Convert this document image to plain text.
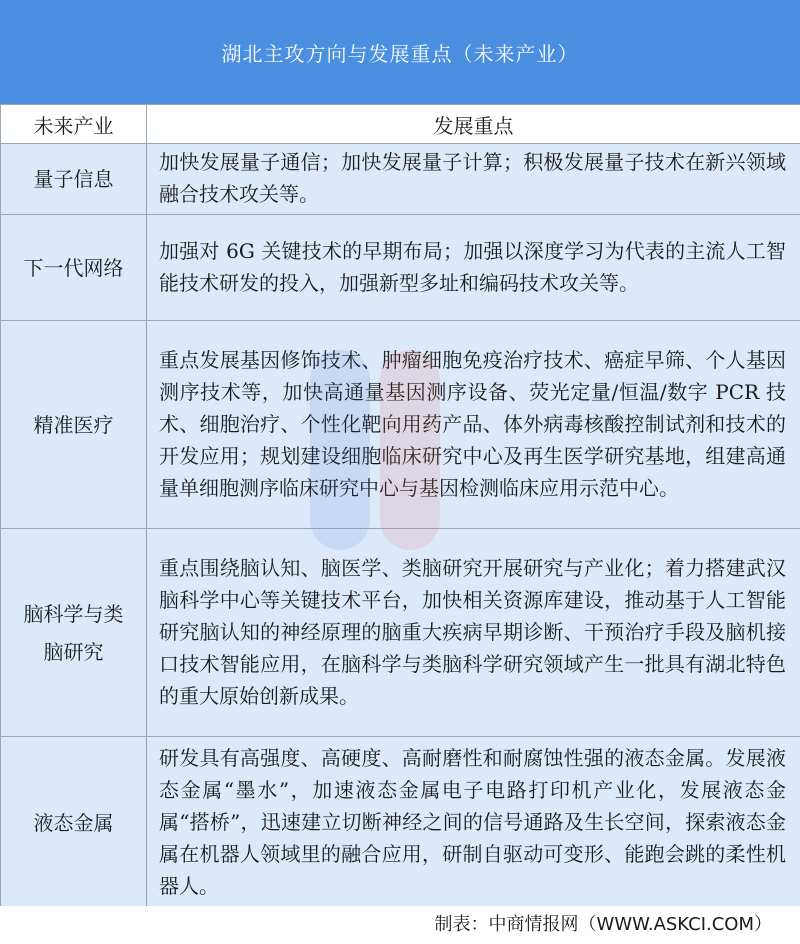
湖北主攻方向与发展重点（未来产业）
未来产业	发展重点
量子信息	加快发展量子通信；加快发展量子计算；积极发展量子技术在新兴领域融合技术攻关等。
下一代网络	加强对 6G 关键技术的早期布局；加强以深度学习为代表的主流人工智能技术研发的投入，加强新型多址和编码技术攻关等。
精准医疗	重点发展基因修饰技术、肿瘤细胞免疫治疗技术、癌症早筛、个人基因测序技术等，加快高通量基因测序设备、荧光定量/恒温/数字 PCR 技术、细胞治疗、个性化靶向用药产品、体外病毒核酸控制试剂和技术的开发应用；规划建设细胞临床研究中心及再生医学研究基地，组建高通量单细胞测序临床研究中心与基因检测临床应用示范中心。
脑科学与类脑研究	重点围绕脑认知、脑医学、类脑研究开展研究与产业化；着力搭建武汉脑科学中心等关键技术平台，加快相关资源库建设，推动基于人工智能研究脑认知的神经原理的脑重大疾病早期诊断、干预治疗手段及脑机接口技术智能应用，在脑科学与类脑科学研究领域产生一批具有湖北特色的重大原始创新成果。
液态金属	研发具有高强度、高硬度、高耐磨性和耐腐蚀性强的液态金属。发展液态金属“墨水”，加速液态金属电子电路打印机产业化，发展液态金属“搭桥”，迅速建立切断神经之间的信号通路及生长空间，探索液态金属在机器人领域里的融合应用，研制自驱动可变形、能跑会跳的柔性机器人。
制表：中商情报网（WWW.ASKCI.COM）
